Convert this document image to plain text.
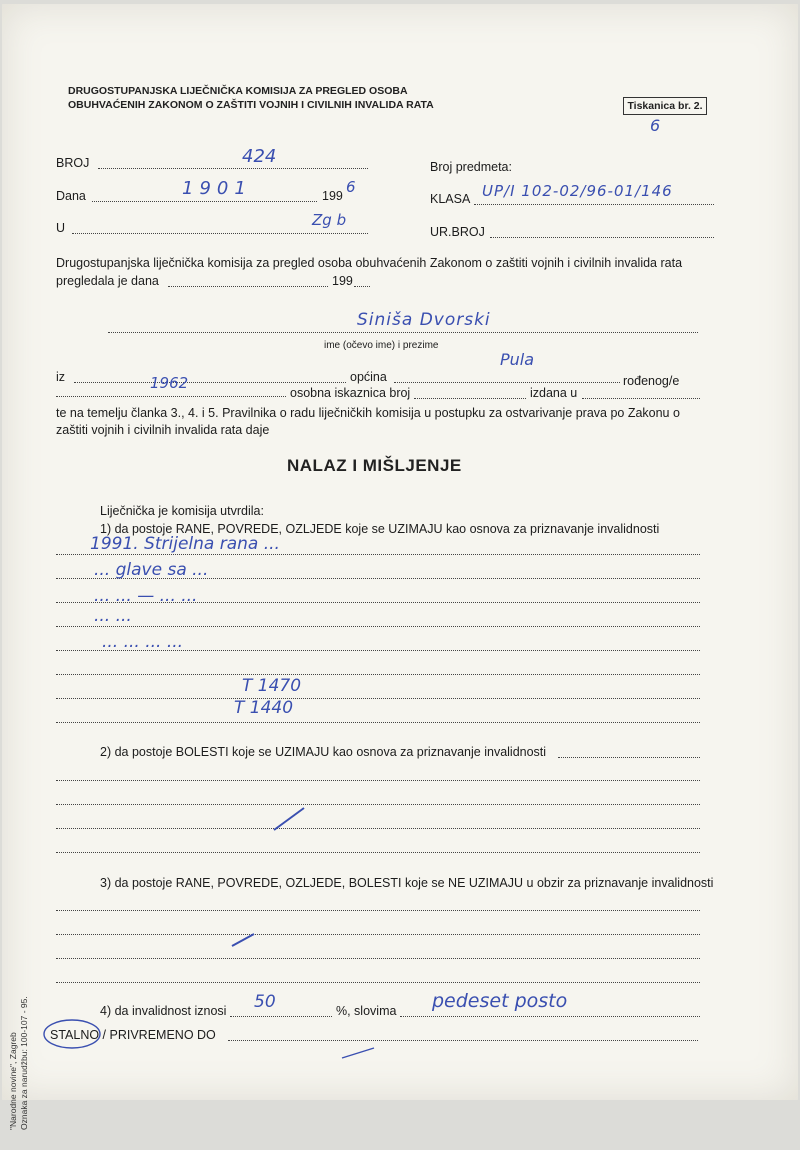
DRUGOSTUPANJSKA LIJEČNIČKA KOMISIJA ZA PREGLED OSOBA
OBUHVAĆENIH ZAKONOM O ZAŠTITI VOJNIH I CIVILNIH INVALIDA RATA	Tiskanica br. 2.
6
BROJ	424
Dana	1901	199 6
U	Zg b
Broj predmeta:
KLASA UP/I 102-02/96-01/146
UR.BROJ
Drugostupanjska liječnička komisija za pregled osoba obuhvaćenih Zakonom o zaštiti vojnih i civilnih invalida rata
pregledala je dana	199
Siniša Dvorski
ime (očevo ime) i prezime
iz	općina
Pula
rođenog/e
1962
osobna iskaznica broj	izdana u
te na temelju članka 3., 4. i 5. Pravilnika o radu liječničkih komisija u postupku za ostvarivanje prava po Zakonu o
zaštiti vojnih i civilnih invalida rata daje
NALAZ I MIŠLJENJE
Liječnička je komisija utvrdila:
1) da postoje RANE, POVREDE, OZLJEDE koje se UZIMAJU kao osnova za priznavanje invalidnosti
1991. Strijelna rana ...
... glave sa ...
... ... — ... ...
... ...
... ... ... ...
T 1470
T 1440
2) da postoje BOLESTI koje se UZIMAJU kao osnova za priznavanje invalidnosti
3) da postoje RANE, POVREDE, OZLJEDE, BOLESTI koje se NE UZIMAJU u obzir za priznavanje invalidnosti
4) da invalidnost iznosi 50	%, slovima pedeset posto
STALNO / PRIVREMENO DO
"Narodne novine", Zagreb Oznaka za narudžbu: 100-107 - 95.
